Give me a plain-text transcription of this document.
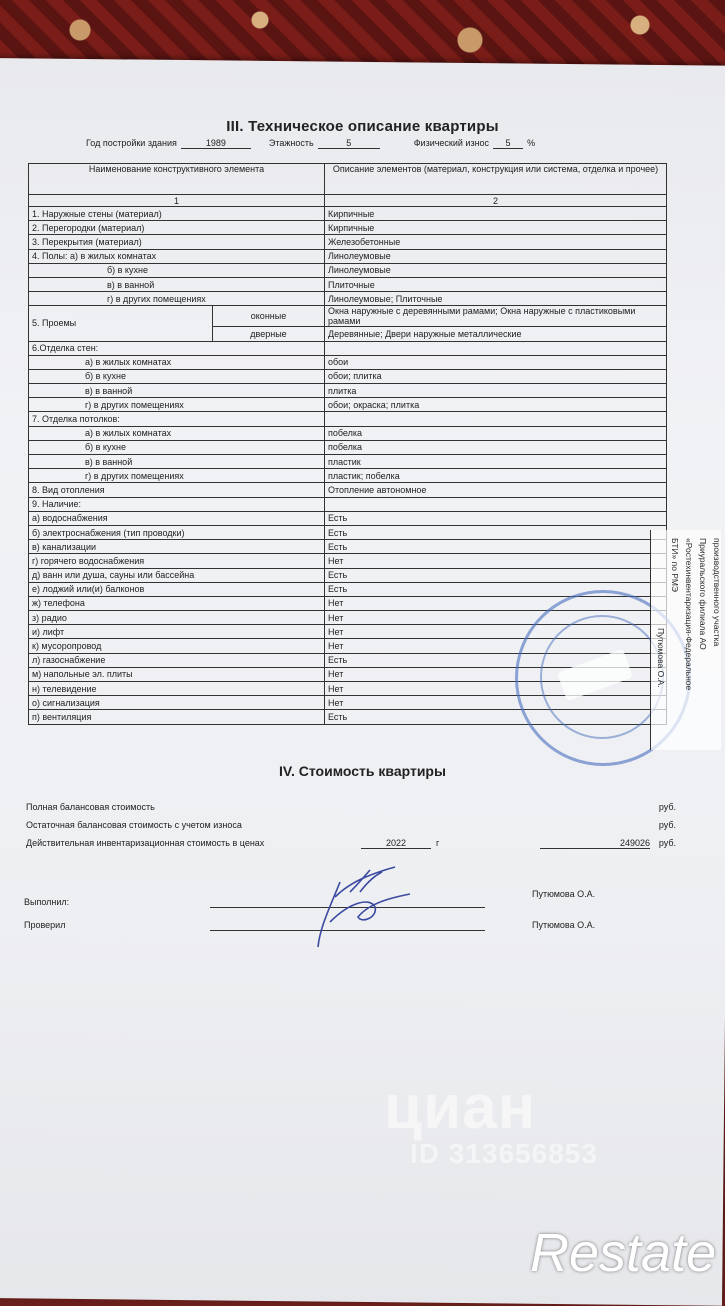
III. Техническое описание квартиры
Год постройки здания	1989	Этажность	5	Физический износ	5	%
Наименование конструктивного элемента		Описание элементов (материал, конструкция или система, отделка и прочее)
1		2
1. Наружные стены (материал)		Кирпичные
2. Перегородки (материал)		Кирпичные
3. Перекрытия (материал)		Железобетонные
4. Полы: а) в жилых комнатах		Линолеумовые
б) в кухне		Линолеумовые
в) в ванной		Плиточные
г) в других помещениях		Линолеумовые; Плиточные
5. Проемы	оконные	Окна наружные с деревянными рамами; Окна наружные с пластиковыми рамами
	дверные	Деревянные; Двери наружные металлические
6.Отделка стен:		
а) в жилых комнатах		обои
б) в кухне		обои; плитка
в) в ванной		плитка
г) в других помещениях		обои; окраска; плитка
7. Отделка потолков:		
а) в жилых комнатах		побелка
б) в кухне		побелка
в) в ванной		пластик
г) в других помещениях		пластик; побелка
8. Вид отопления		Отопление автономное
9. Наличие:		
а) водоснабжения		Есть
б) электроснабжения (тип проводки)		Есть
в) канализации		Есть
г) горячего водоснабжения		Нет
д) ванн или душа, сауны или бассейна		Есть
е) лоджий или(и) балконов		Есть
ж) телефона		Нет
з) радио		Нет
и) лифт		Нет
к) мусоропровод		Нет
л) газоснабжение		Есть
м) напольные эл. плиты		Нет
н) телевидение		Нет
о) сигнализация		Нет
п) вентиляция		Есть
IV. Стоимость квартиры
Полная балансовая стоимость	руб.
Остаточная балансовая стоимость с учетом износа	руб.
Действительная инвентаризационная стоимость в ценах	2022	г	249026 руб.
Выполнил:
Путюмова О.А.
Проверил	Путюмова О.А.
производственного участка
Приуральского филиала АО
«Ростехинвентаризация-Федеральное
БТИ» по РМЭ
Путюмова О.А.
циан
ID 313656853
Restate
